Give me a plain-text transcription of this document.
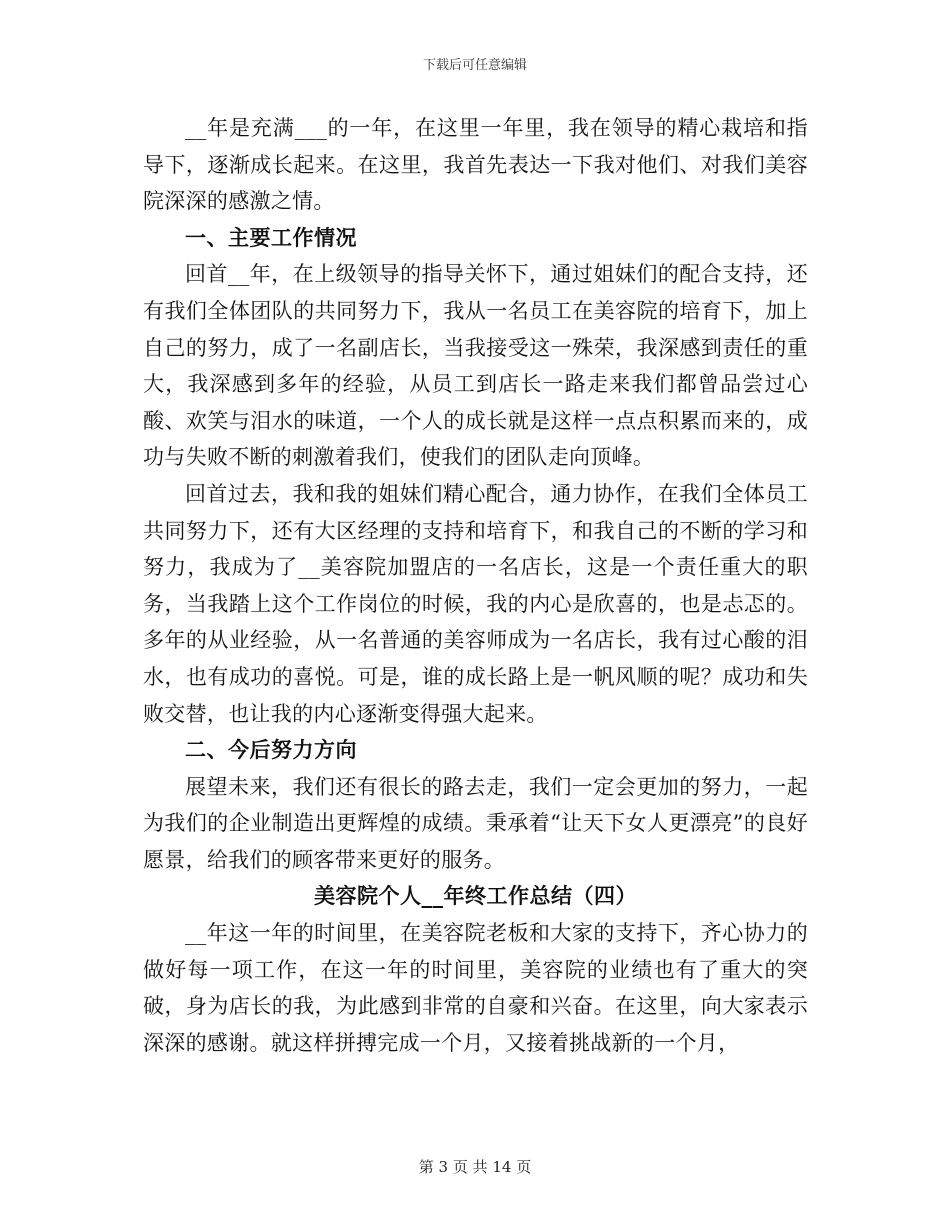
下载后可任意编辑

__年是充满___的一年，在这里一年里，我在领导的精心栽培和指导下，逐渐成长起来。在这里，我首先表达一下我对他们、对我们美容院深深的感激之情。

一、主要工作情况

回首__年，在上级领导的指导关怀下，通过姐妹们的配合支持，还有我们全体团队的共同努力下，我从一名员工在美容院的培育下，加上自己的努力，成了一名副店长，当我接受这一殊荣，我深感到责任的重大，我深感到多年的经验，从员工到店长一路走来我们都曾品尝过心酸、欢笑与泪水的味道，一个人的成长就是这样一点点积累而来的，成功与失败不断的刺激着我们，使我们的团队走向顶峰。

回首过去，我和我的姐妹们精心配合，通力协作，在我们全体员工共同努力下，还有大区经理的支持和培育下，和我自己的不断的学习和努力，我成为了__美容院加盟店的一名店长，这是一个责任重大的职务，当我踏上这个工作岗位的时候，我的内心是欣喜的，也是忐忑的。多年的从业经验，从一名普通的美容师成为一名店长，我有过心酸的泪水，也有成功的喜悦。可是，谁的成长路上是一帆风顺的呢？成功和失败交替，也让我的内心逐渐变得强大起来。

二、今后努力方向

展望未来，我们还有很长的路去走，我们一定会更加的努力，一起为我们的企业制造出更辉煌的成绩。秉承着“让天下女人更漂亮”的良好愿景，给我们的顾客带来更好的服务。

美容院个人__年终工作总结（四）

__年这一年的时间里，在美容院老板和大家的支持下，齐心协力的做好每一项工作，在这一年的时间里，美容院的业绩也有了重大的突破，身为店长的我，为此感到非常的自豪和兴奋。在这里，向大家表示深深的感谢。就这样拼搏完成一个月，又接着挑战新的一个月，

第 3 页 共 14 页
